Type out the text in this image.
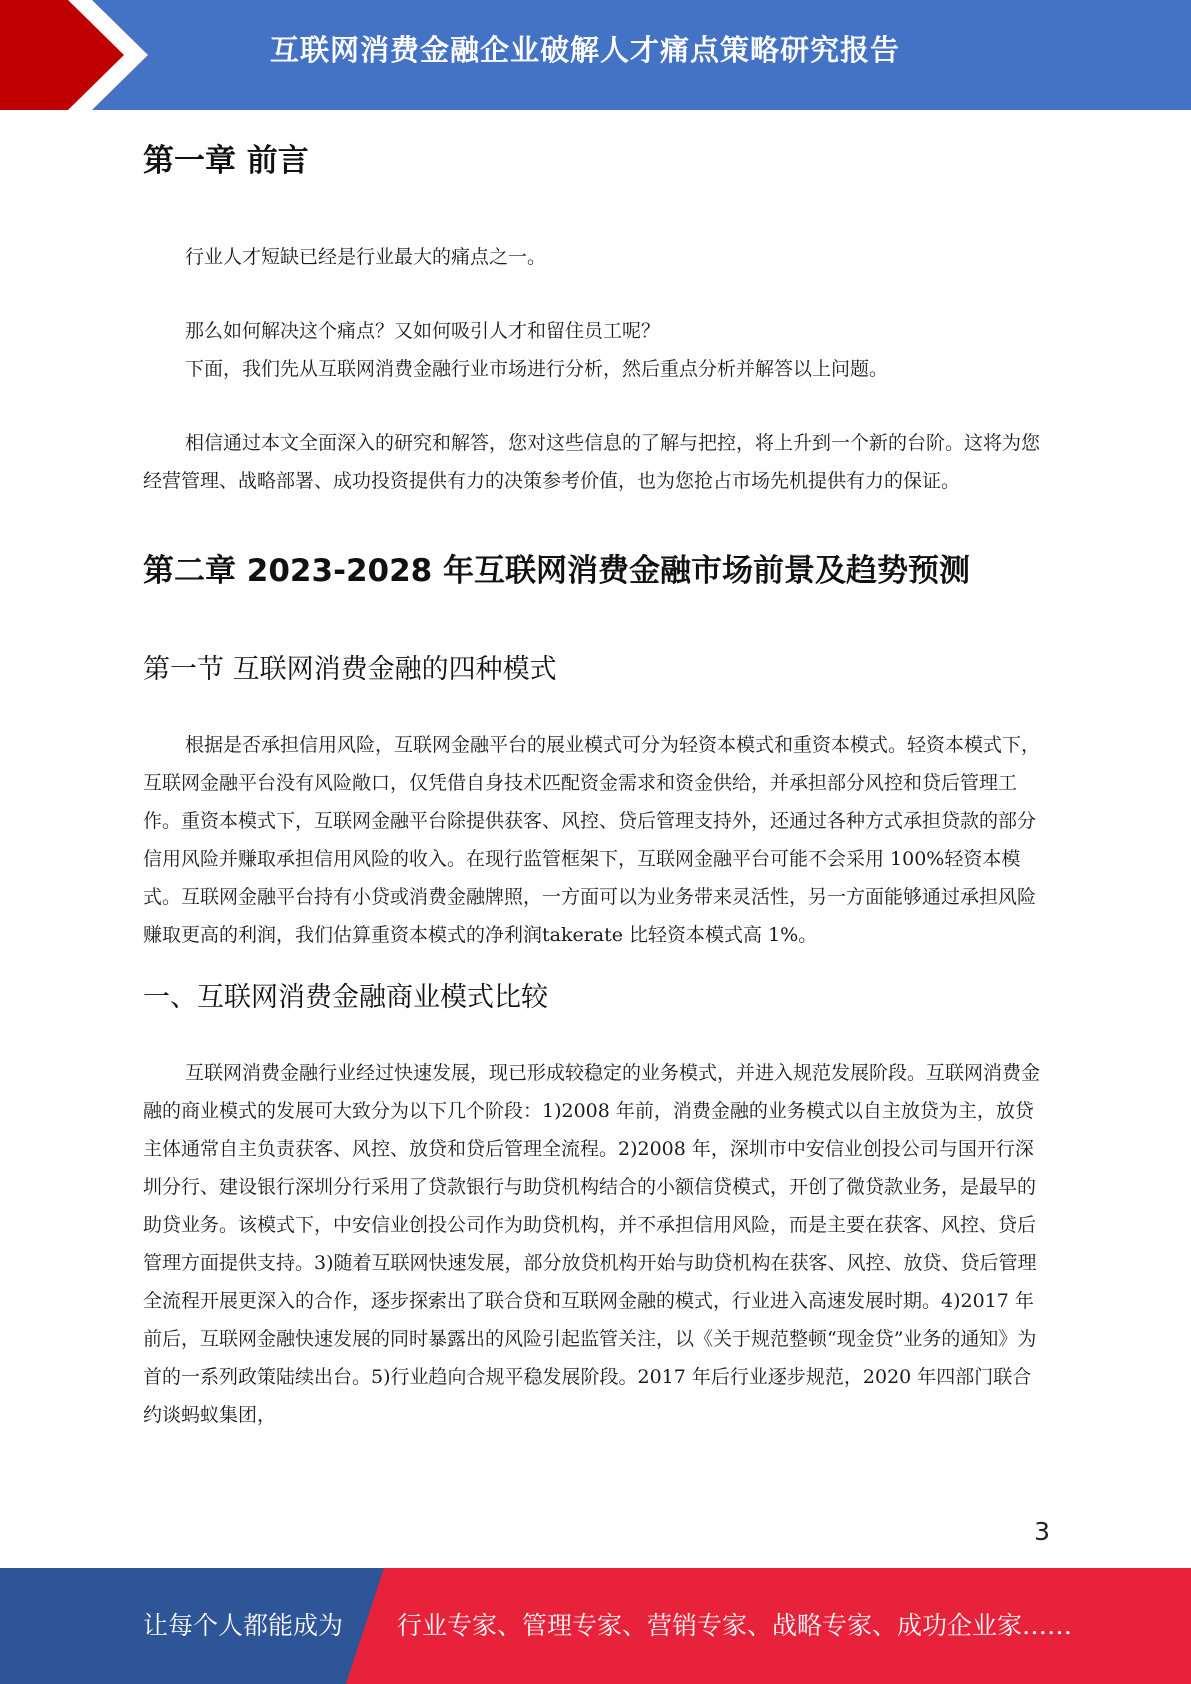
互联网消费金融企业破解人才痛点策略研究报告
第一章 前言

行业人才短缺已经是行业最大的痛点之一。

那么如何解决这个痛点？又如何吸引人才和留住员工呢？

下面，我们先从互联网消费金融行业市场进行分析，然后重点分析并解答以上问题。

相信通过本文全面深入的研究和解答，您对这些信息的了解与把控，将上升到一个新的台阶。这将为您经营管理、战略部署、成功投资提供有力的决策参考价值，也为您抢占市场先机提供有力的保证。

第二章 2023-2028 年互联网消费金融市场前景及趋势预测
第一节 互联网消费金融的四种模式

根据是否承担信用风险，互联网金融平台的展业模式可分为轻资本模式和重资本模式。轻资本模式下，互联网金融平台没有风险敞口，仅凭借自身技术匹配资金需求和资金供给，并承担部分风控和贷后管理工作。重资本模式下，互联网金融平台除提供获客、风控、贷后管理支持外，还通过各种方式承担贷款的部分信用风险并赚取承担信用风险的收入。在现行监管框架下，互联网金融平台可能不会采用 100%轻资本模式。互联网金融平台持有小贷或消费金融牌照，一方面可以为业务带来灵活性，另一方面能够通过承担风险赚取更高的利润，我们估算重资本模式的净利润takerate 比轻资本模式高 1%。

一、互联网消费金融商业模式比较

互联网消费金融行业经过快速发展，现已形成较稳定的业务模式，并进入规范发展阶段。互联网消费金融的商业模式的发展可大致分为以下几个阶段：1)2008 年前，消费金融的业务模式以自主放贷为主，放贷主体通常自主负责获客、风控、放贷和贷后管理全流程。2)2008 年，深圳市中安信业创投公司与国开行深圳分行、建设银行深圳分行采用了贷款银行与助贷机构结合的小额信贷模式，开创了微贷款业务，是最早的助贷业务。该模式下，中安信业创投公司作为助贷机构，并不承担信用风险，而是主要在获客、风控、贷后管理方面提供支持。3)随着互联网快速发展，部分放贷机构开始与助贷机构在获客、风控、放贷、贷后管理全流程开展更深入的合作，逐步探索出了联合贷和互联网金融的模式，行业进入高速发展时期。4)2017 年前后，互联网金融快速发展的同时暴露出的风险引起监管关注，以《关于规范整顿“现金贷”业务的通知》为首的一系列政策陆续出台。5)行业趋向合规平稳发展阶段。2017 年后行业逐步规范，2020 年四部门联合约谈蚂蚁集团，

3
让每个人都能成为 行业专家、管理专家、营销专家、战略专家、成功企业家……
